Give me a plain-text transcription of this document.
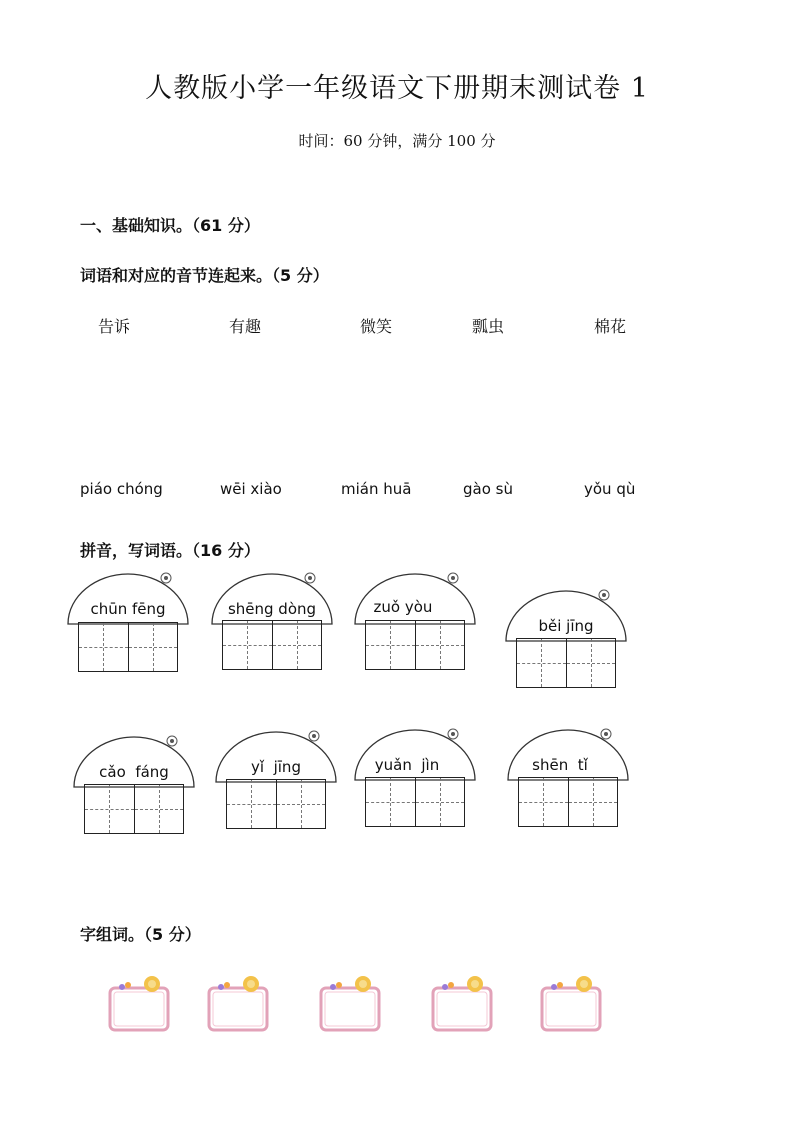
人教版小学一年级语文下册期末测试卷 1
时间：60 分钟，满分 100 分
一、基础知识。（61 分）
词语和对应的音节连起来。（5 分）
告诉	有趣	微笑	瓢虫	棉花
piáo chóng	wēi xiào	mián huā	gào sù	yǒu qù
拼音，写词语。（16 分）
chūn fēng	shēng dòng	zuǒ yòu
běi jīng
cǎo  fáng	yǐ  jīng	yuǎn  jìn	shēn  tǐ
字组词。（5 分）
